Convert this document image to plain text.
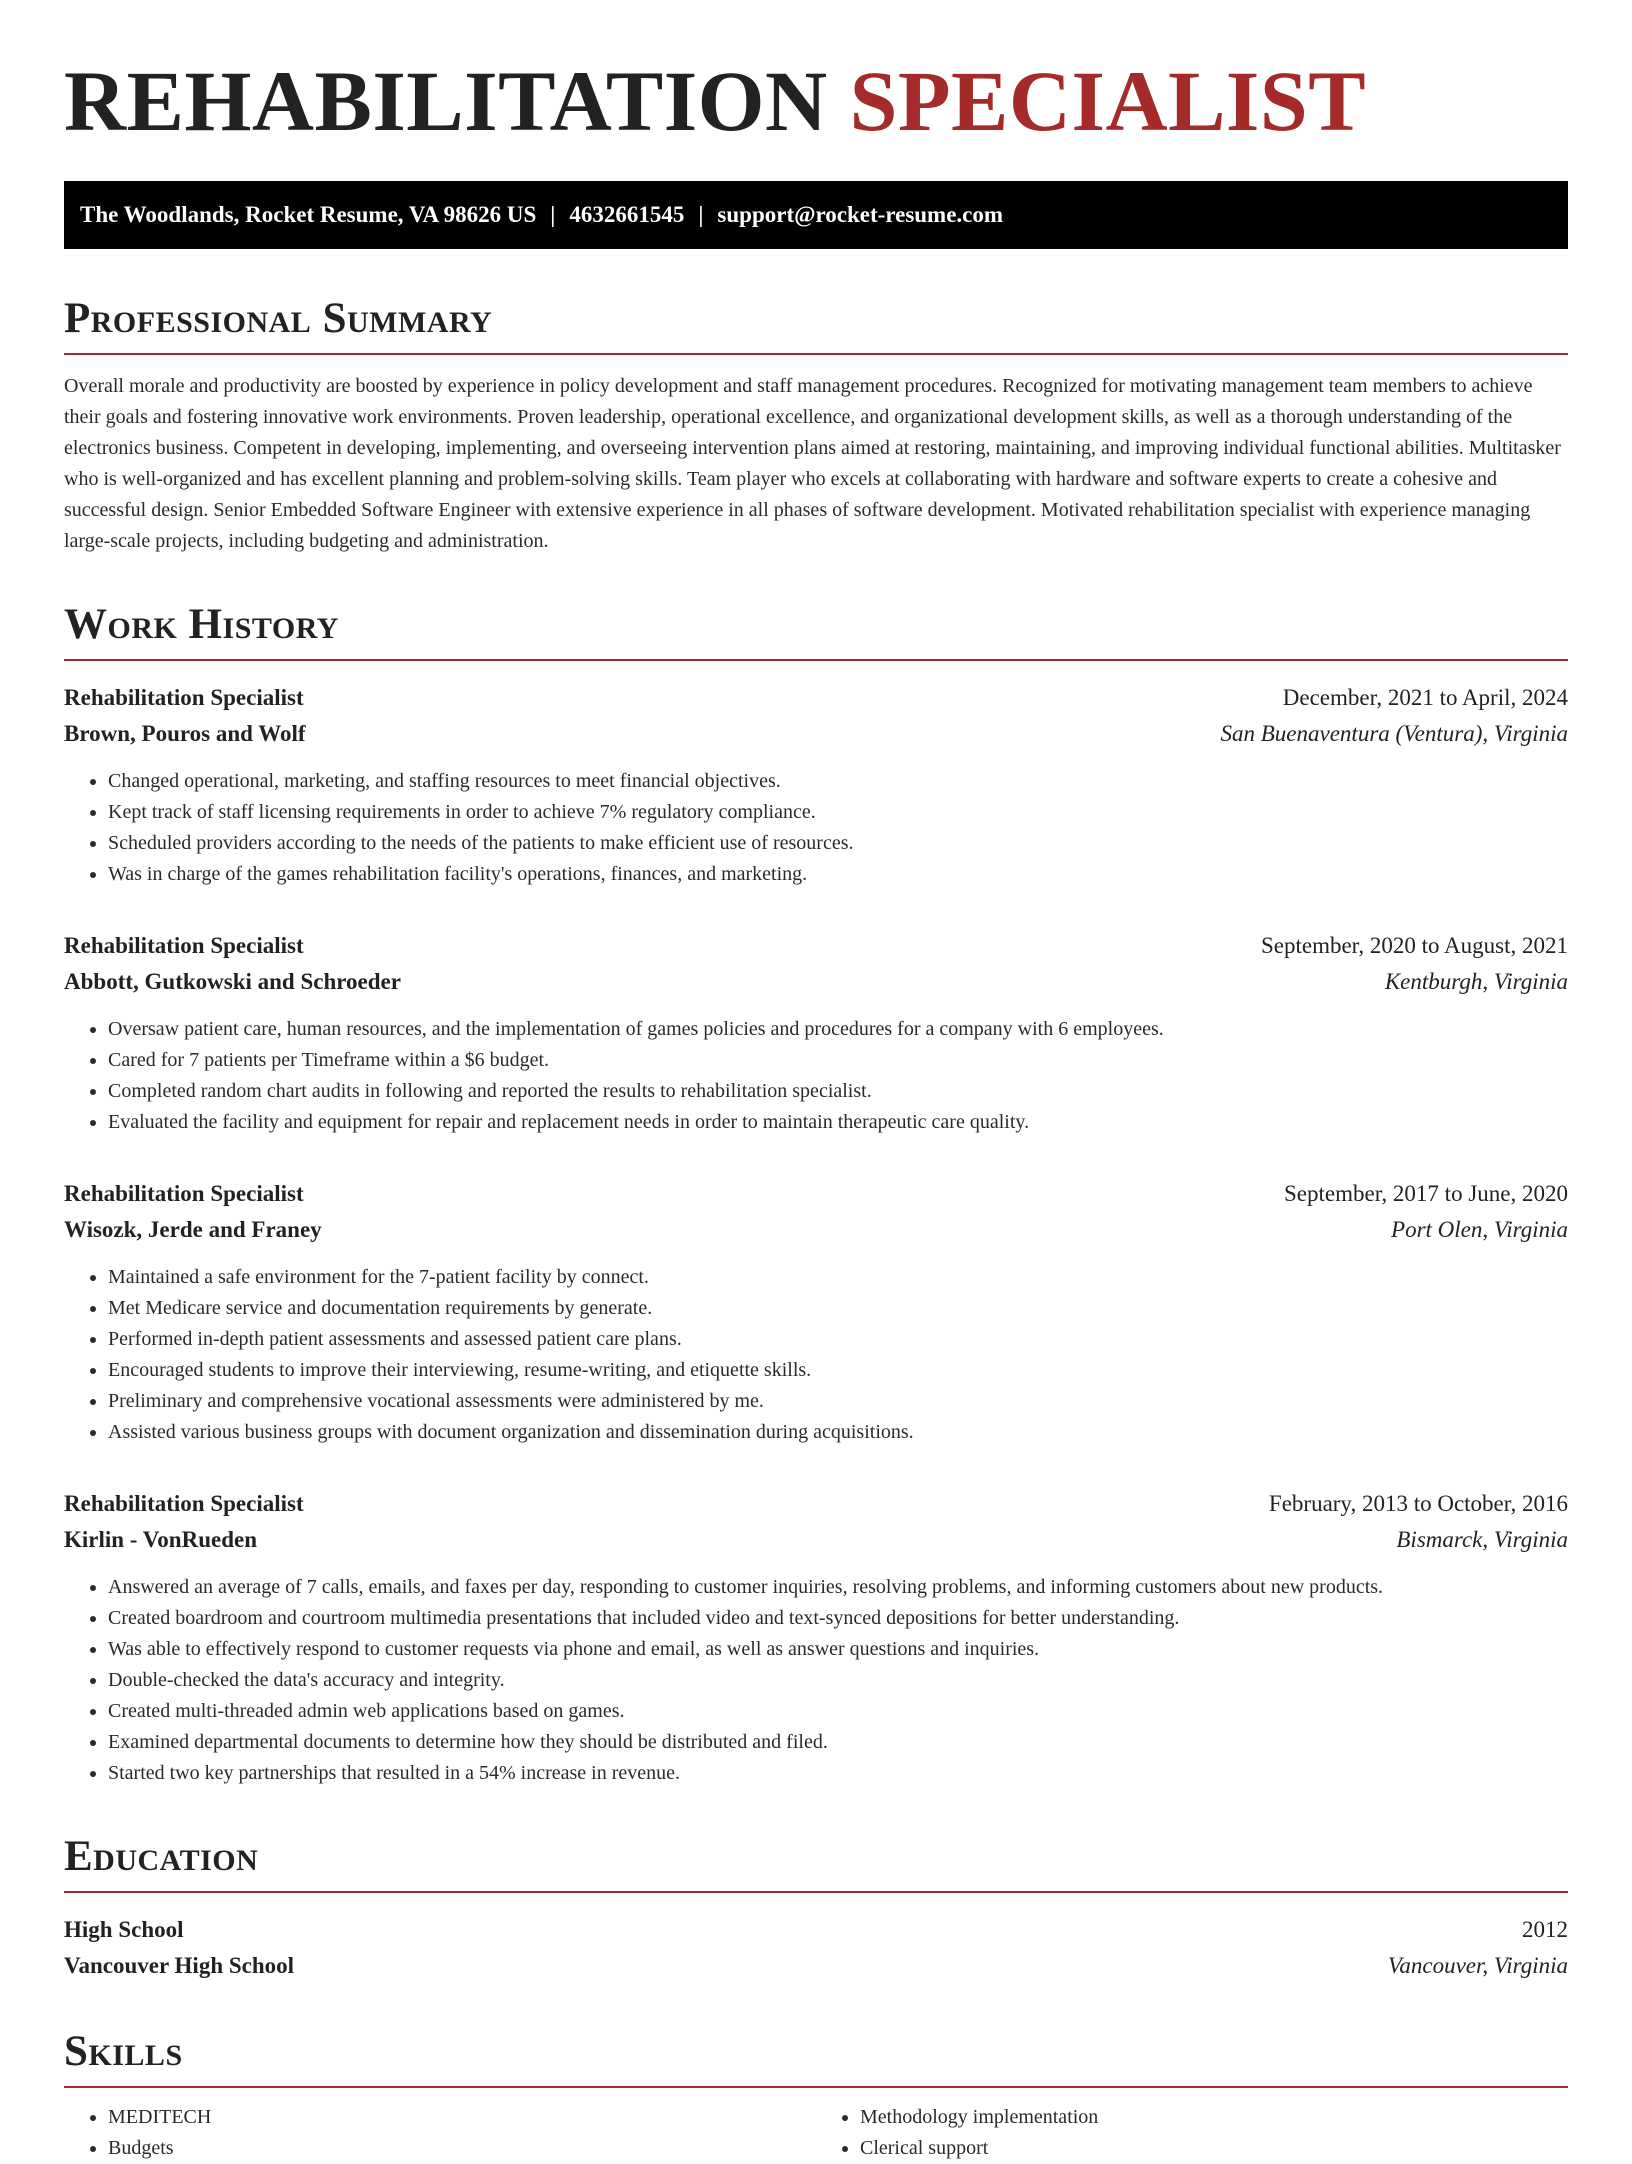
REHABILITATION SPECIALIST
The Woodlands, Rocket Resume, VA 98626 US | 4632661545 | support@rocket-resume.com
Professional Summary

Overall morale and productivity are boosted by experience in policy development and staff management procedures. Recognized for motivating management team members to achieve their goals and fostering innovative work environments. Proven leadership, operational excellence, and organizational development skills, as well as a thorough understanding of the electronics business. Competent in developing, implementing, and overseeing intervention plans aimed at restoring, maintaining, and improving individual functional abilities. Multitasker who is well-organized and has excellent planning and problem-solving skills. Team player who excels at collaborating with hardware and software experts to create a cohesive and successful design. Senior Embedded Software Engineer with extensive experience in all phases of software development. Motivated rehabilitation specialist with experience managing large-scale projects, including budgeting and administration.

Work History
Rehabilitation Specialist	December, 2021 to April, 2024
Brown, Pouros and Wolf	San Buenaventura (Ventura), Virginia
• Changed operational, marketing, and staffing resources to meet financial objectives.
• Kept track of staff licensing requirements in order to achieve 7% regulatory compliance.
• Scheduled providers according to the needs of the patients to make efficient use of resources.
• Was in charge of the games rehabilitation facility's operations, finances, and marketing.
Rehabilitation Specialist	September, 2020 to August, 2021
Abbott, Gutkowski and Schroeder	Kentburgh, Virginia
• Oversaw patient care, human resources, and the implementation of games policies and procedures for a company with 6 employees.
• Cared for 7 patients per Timeframe within a $6 budget.
• Completed random chart audits in following and reported the results to rehabilitation specialist.
• Evaluated the facility and equipment for repair and replacement needs in order to maintain therapeutic care quality.
Rehabilitation Specialist	September, 2017 to June, 2020
Wisozk, Jerde and Franey	Port Olen, Virginia
• Maintained a safe environment for the 7-patient facility by connect.
• Met Medicare service and documentation requirements by generate.
• Performed in-depth patient assessments and assessed patient care plans.
• Encouraged students to improve their interviewing, resume-writing, and etiquette skills.
• Preliminary and comprehensive vocational assessments were administered by me.
• Assisted various business groups with document organization and dissemination during acquisitions.
Rehabilitation Specialist	February, 2013 to October, 2016
Kirlin - VonRueden	Bismarck, Virginia
• Answered an average of 7 calls, emails, and faxes per day, responding to customer inquiries, resolving problems, and informing customers about new products.
• Created boardroom and courtroom multimedia presentations that included video and text-synced depositions for better understanding.
• Was able to effectively respond to customer requests via phone and email, as well as answer questions and inquiries.
• Double-checked the data's accuracy and integrity.
• Created multi-threaded admin web applications based on games.
• Examined departmental documents to determine how they should be distributed and filed.
• Started two key partnerships that resulted in a 54% increase in revenue.
Education
High School	2012
Vancouver High School	Vancouver, Virginia
Skills
• MEDITECH
• Budgets
• Methodology implementation
• Clerical support
